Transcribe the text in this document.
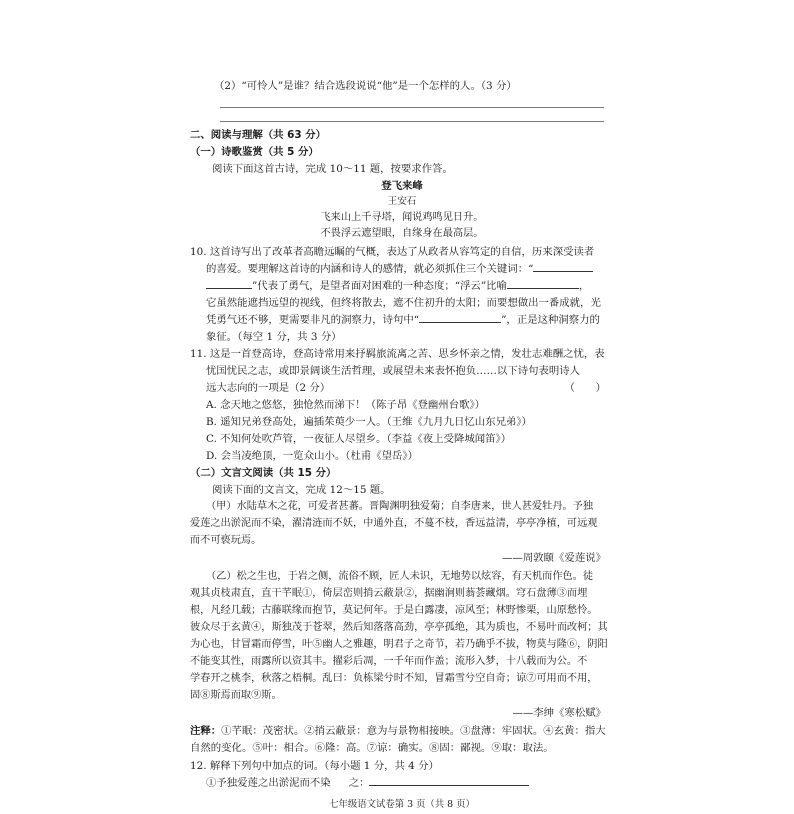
（2）“可怜人”是谁？结合选段说说“他”是一个怎样的人。（3 分）
二、阅读与理解（共 63 分）
（一）诗歌鉴赏（共 5 分）
阅读下面这首古诗，完成 10～11 题，按要求作答。
登飞来峰
王安石
飞来山上千寻塔，闻说鸡鸣见日升。
不畏浮云遮望眼，自缘身在最高层。
10. 这首诗写出了改革者高瞻远瞩的气概，表达了从政者从容笃定的自信，历来深受读者
的喜爱。要理解这首诗的内涵和诗人的感情，就必须抓住三个关键词：“
”代表了勇气，是望者面对困难的一种态度；“浮云”比喻	，
它虽然能遮挡远望的视线，但终将散去，遮不住初升的太阳；而要想做出一番成就，光
凭勇气还不够，更需要非凡的洞察力，诗句中“	”，正是这种洞察力的
象征。（每空 1 分，共 3 分）
11. 这是一首登高诗，登高诗常用来抒羁旅流离之苦、思乡怀亲之情，发壮志难酬之忧，表
忧国忧民之志，或即景阔谈生活哲理，或展望未来表怀抱负……以下诗句表明诗人
远大志向的一项是（2 分）	（　　）
A. 念天地之悠悠，独怆然而涕下！（陈子昂《登幽州台歌》）
B. 遥知兄弟登高处，遍插茱萸少一人。（王维《九月九日忆山东兄弟》）
C. 不知何处吹芦管，一夜征人尽望乡。（李益《夜上受降城闻笛》）
D. 会当凌绝顶，一览众山小。（杜甫《望岳》）
（二）文言文阅读（共 15 分）
阅读下面的文言文，完成 12～15 题。
（甲）水陆草木之花，可爱者甚蕃。晋陶渊明独爱菊；自李唐来，世人甚爱牡丹。予独
爱莲之出淤泥而不染，濯清涟而不妖，中通外直，不蔓不枝，香远益清，亭亭净植，可远观
而不可亵玩焉。
——周敦颐《爱莲说》
（乙）松之生也，于岩之侧，流俗不顾，匠人未识，无地势以炫容，有天机而作色。徒
观其贞枝肃直，直干芊眠①，倚层峦则捎云蔽景②，据幽涧则蓊荟藏烟。穹石盘薄③而埋
根，凡经几载；古藤联缘而抱节，莫记何年。于是白露凄，凉风至；林野惨栗，山原愁怜。
彼众尽于玄黄④，斯独茂于苍翠，然后知落落高劲，亭亭孤绝，其为质也，不易叶而改柯；其
为心也，甘冒霜而停雪，叶⑤幽人之雅趣，明君子之奇节，若乃确乎不拔，物莫与隆⑥，阴阳
不能变其性，雨露所以资其丰。擢彩后凋，一千年而作盖；流形入梦，十八载而为公。不
学春开之桃李，秋落之梧桐。乱曰：负栋梁兮时不知，冒霜雪兮空自奇；谅⑦可用而不用，
固⑧斯焉而取⑨斯。
——李绅《寒松赋》
注释：①芊眠：茂密状。②捎云蔽景：意为与景物相接映。③盘薄：牢固状。④玄黄：指大
自然的变化。⑤叶：相合。⑥隆：高。⑦谅：确实。⑧固：鄙视。⑨取：取法。
12. 解释下列句中加点的词。（每小题 1 分，共 4 分）
①予独爱莲之出淤泥而不染 之：
七年级语文试卷第 3 页（共 8 页）
